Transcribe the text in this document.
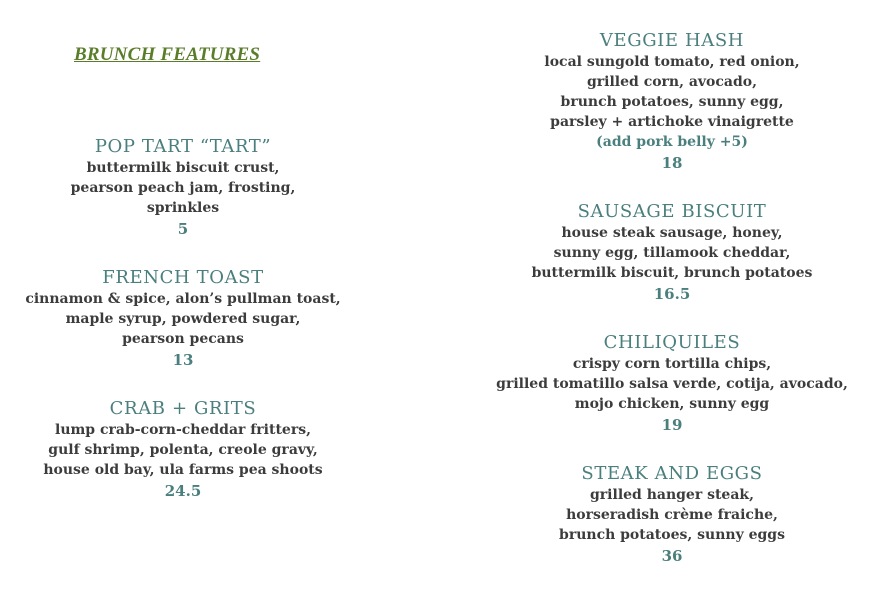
BRUNCH FEATURES
POP TART “TART”
buttermilk biscuit crust,
pearson peach jam, frosting,
sprinkles
5
FRENCH TOAST
cinnamon & spice, alon’s pullman toast,
maple syrup, powdered sugar,
pearson pecans
13
CRAB + GRITS
lump crab-corn-cheddar fritters,
gulf shrimp, polenta, creole gravy,
house old bay, ula farms pea shoots
24.5
VEGGIE HASH
local sungold tomato, red onion,
grilled corn, avocado,
brunch potatoes, sunny egg,
parsley + artichoke vinaigrette
(add pork belly +5)
18
SAUSAGE BISCUIT
house steak sausage, honey,
sunny egg, tillamook cheddar,
buttermilk biscuit, brunch potatoes
16.5
CHILIQUILES
crispy corn tortilla chips,
grilled tomatillo salsa verde, cotija, avocado,
mojo chicken, sunny egg
19
STEAK AND EGGS
grilled hanger steak,
horseradish crème fraiche,
brunch potatoes, sunny eggs
36
